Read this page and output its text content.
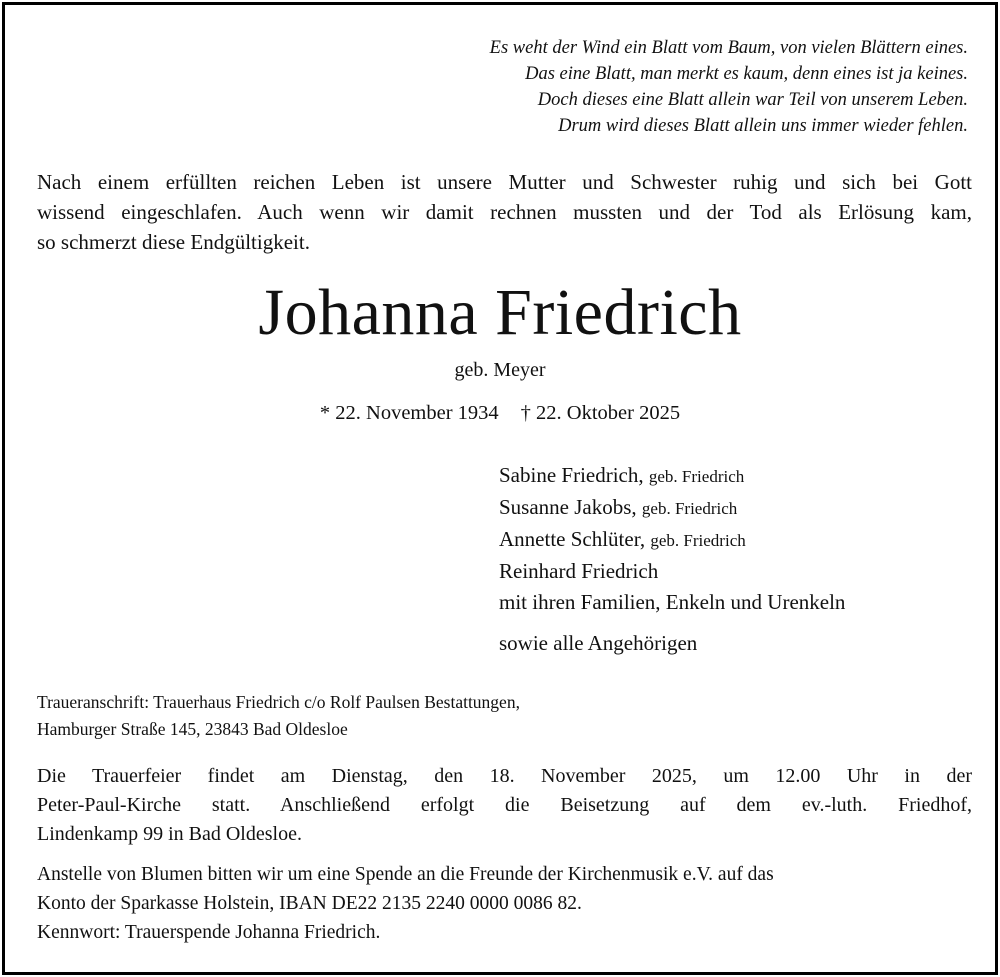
Es weht der Wind ein Blatt vom Baum, von vielen Blättern eines.
Das eine Blatt, man merkt es kaum, denn eines ist ja keines.
Doch dieses eine Blatt allein war Teil von unserem Leben.
Drum wird dieses Blatt allein uns immer wieder fehlen.
Nach einem erfüllten reichen Leben ist unsere Mutter und Schwester ruhig und sich bei Gott
wissend eingeschlafen. Auch wenn wir damit rechnen mussten und der Tod als Erlösung kam,
so schmerzt diese Endgültigkeit.
Johanna Friedrich
geb. Meyer
* 22. November 1934 † 22. Oktober 2025
Sabine Friedrich, geb. Friedrich
Susanne Jakobs, geb. Friedrich
Annette Schlüter, geb. Friedrich
Reinhard Friedrich
mit ihren Familien, Enkeln und Urenkeln
sowie alle Angehörigen
Traueranschrift: Trauerhaus Friedrich c/o Rolf Paulsen Bestattungen,
Hamburger Straße 145, 23843 Bad Oldesloe
Die Trauerfeier findet am Dienstag, den 18. November 2025, um 12.00 Uhr in der
Peter-Paul-Kirche statt. Anschließend erfolgt die Beisetzung auf dem ev.-luth. Friedhof,
Lindenkamp 99 in Bad Oldesloe.
Anstelle von Blumen bitten wir um eine Spende an die Freunde der Kirchenmusik e.V. auf das
Konto der Sparkasse Holstein, IBAN DE22 2135 2240 0000 0086 82.
Kennwort: Trauerspende Johanna Friedrich.
